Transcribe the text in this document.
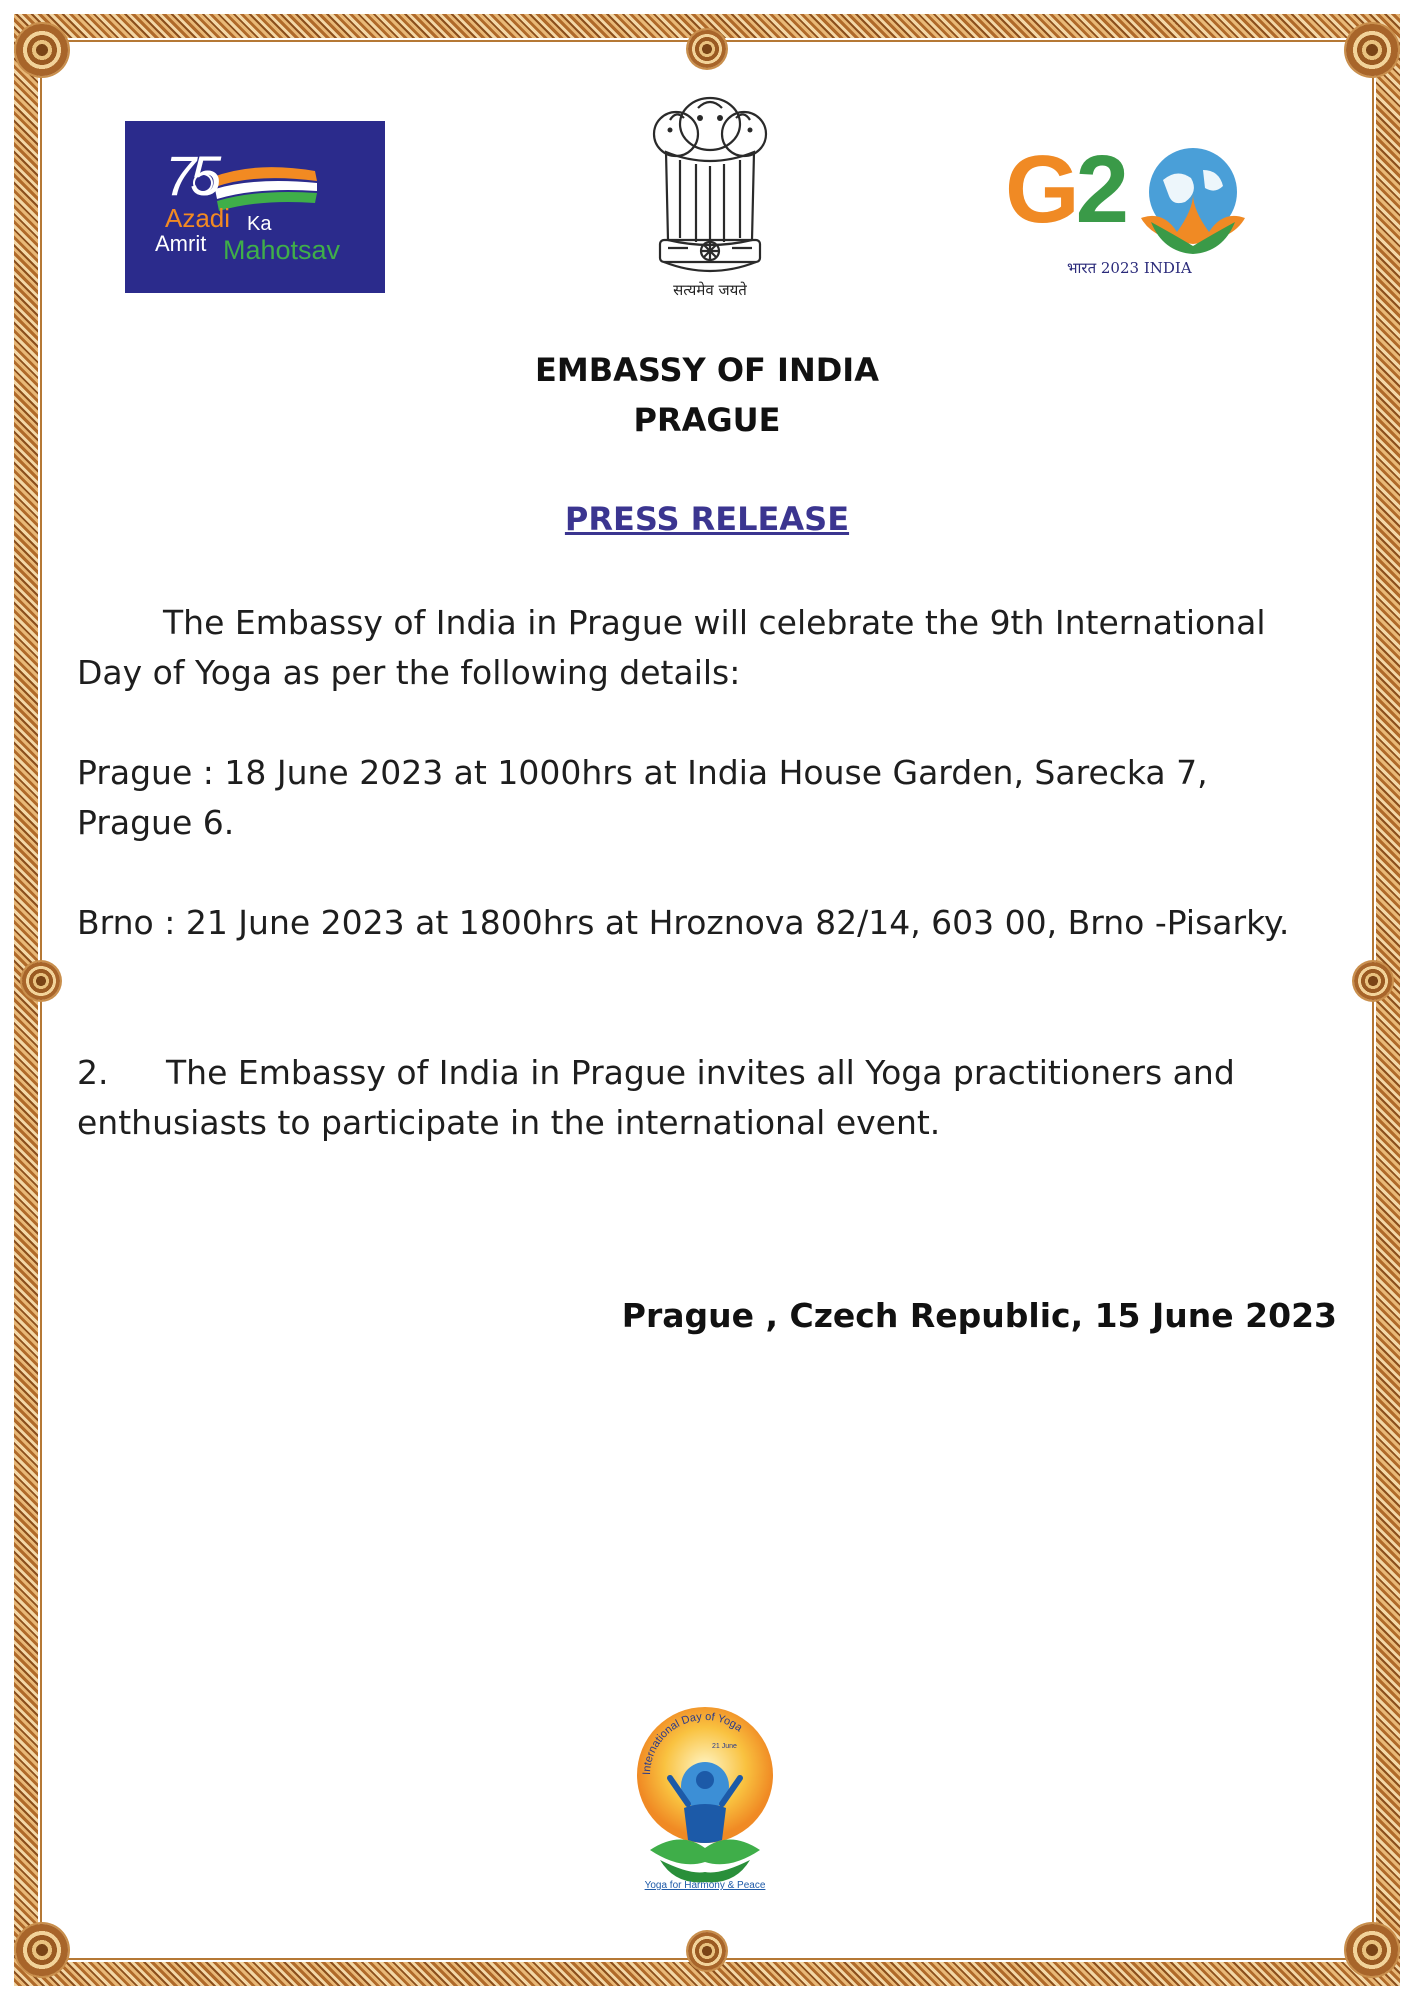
75
Azadi Ka
Amrit Mahotsav
सत्यमेव जयते
G2
भारत 2023 INDIA
EMBASSY OF INDIA
PRAGUE
PRESS RELEASE
The Embassy of India in Prague will celebrate the 9th International
Day of Yoga as per the following details:
Prague : 18 June 2023 at 1000hrs at India House Garden, Sarecka 7,
Prague 6.
Brno : 21 June 2023 at 1800hrs at Hroznova 82/14, 603 00, Brno -Pisarky.
2. The Embassy of India in Prague invites all Yoga practitioners and
enthusiasts to participate in the international event.
Prague , Czech Republic, 15 June 2023
International Day of Yoga
21 June
Yoga for Harmony & Peace
